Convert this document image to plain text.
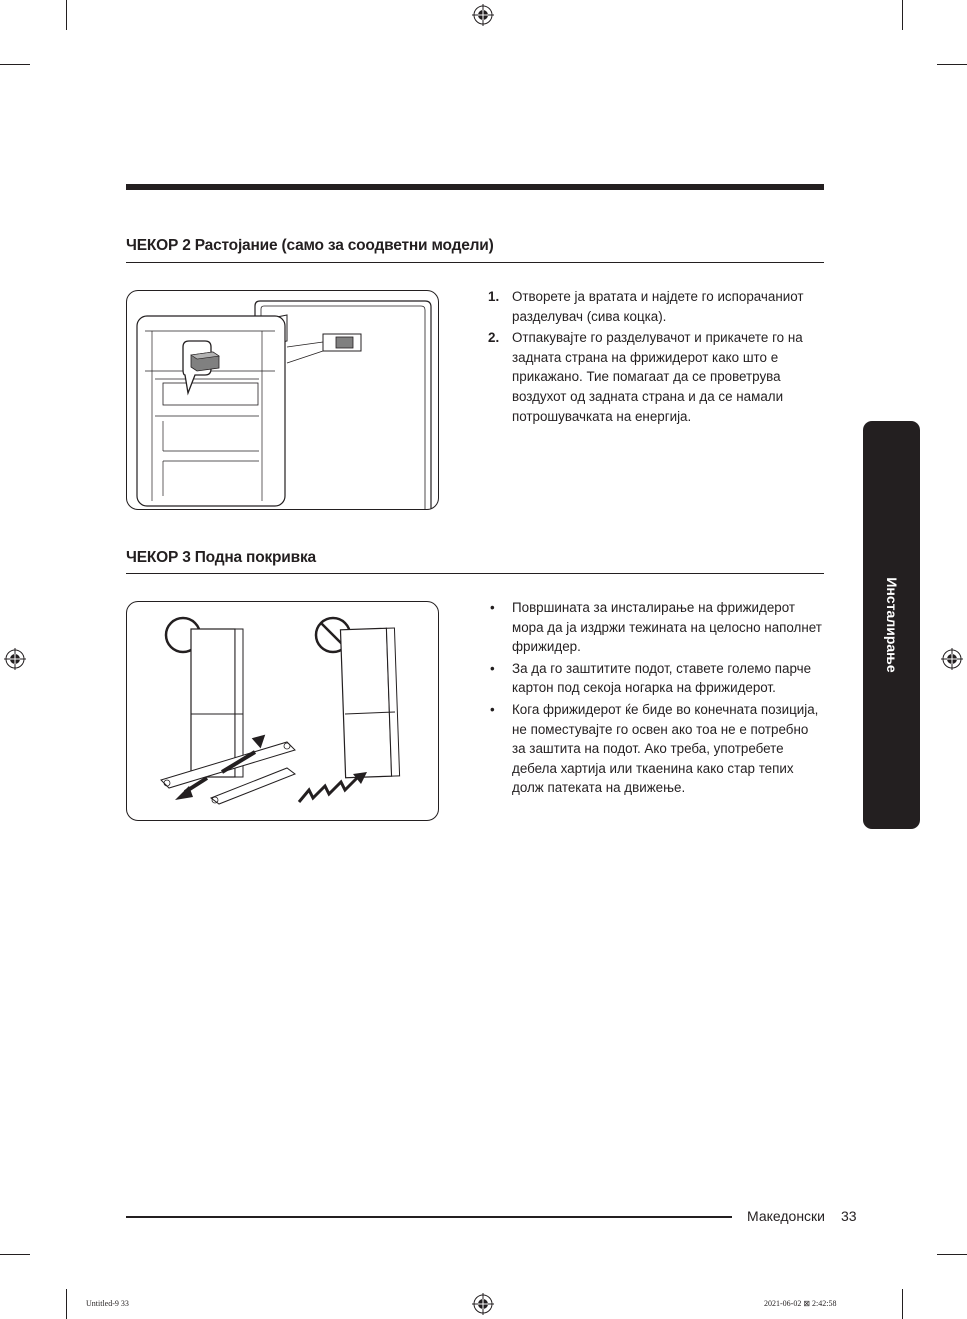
ЧЕКОР 2 Растојание (само за соодветни модели)
1. Отворете ја вратата и најдете го испорачаниот разделувач (сива коцка).
2. Отпакувајте го разделувачот и прикачете го на задната страна на фрижидерот како што е прикажано. Тие помагаат да се проветрува воздухот од задната страна и да се намали потрошувачката на енергија.
ЧЕКОР 3 Подна покривка
• Површината за инсталирање на фрижидерот мора да ја издржи тежината на целосно наполнет фрижидер.
• За да го заштитите подот, ставете големо парче картон под секоја ногарка на фрижидерот.
• Кога фрижидерот ќе биде во конечната позиција, не поместувајте го освен ако тоа не е потребно за заштита на подот. Ако треба, употребете дебела хартија или ткаенина како стар тепих долж патеката на движење.
Инсталирање
Македонски 33
Untitled-9 33	2021-06-02 ⊠ 2:42:58
